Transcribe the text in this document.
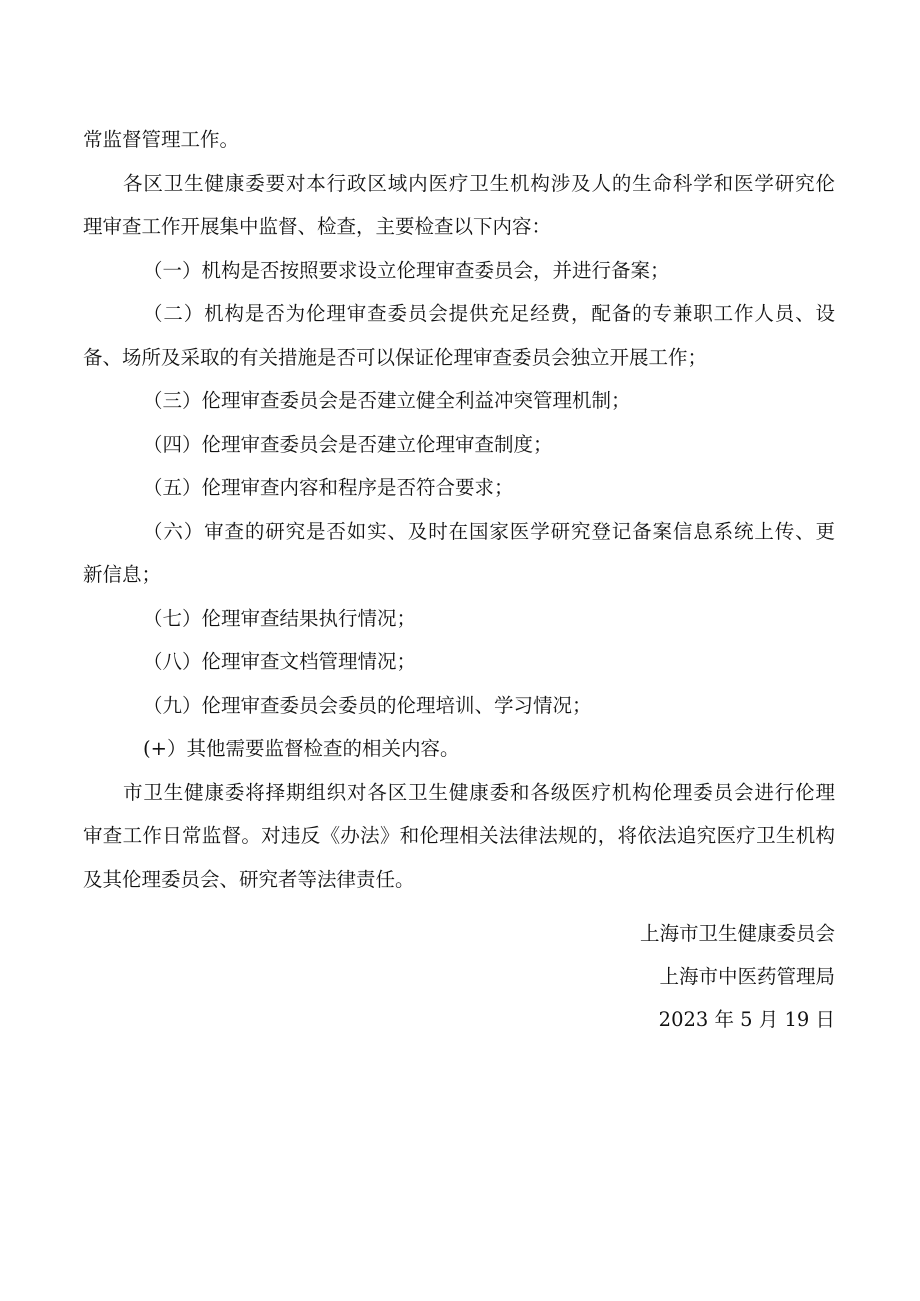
常监督管理工作。

各区卫生健康委要对本行政区域内医疗卫生机构涉及人的生命科学和医学研究伦

理审查工作开展集中监督、检查，主要检查以下内容：

（一）机构是否按照要求设立伦理审查委员会，并进行备案；

（二）机构是否为伦理审查委员会提供充足经费，配备的专兼职工作人员、设

备、场所及采取的有关措施是否可以保证伦理审查委员会独立开展工作；

（三）伦理审查委员会是否建立健全利益冲突管理机制；

（四）伦理审查委员会是否建立伦理审查制度；

（五）伦理审查内容和程序是否符合要求；

（六）审查的研究是否如实、及时在国家医学研究登记备案信息系统上传、更

新信息；

（七）伦理审查结果执行情况；

（八）伦理审查文档管理情况；

（九）伦理审查委员会委员的伦理培训、学习情况；

(+）其他需要监督检查的相关内容。

市卫生健康委将择期组织对各区卫生健康委和各级医疗机构伦理委员会进行伦理

审查工作日常监督。对违反《办法》和伦理相关法律法规的，将依法追究医疗卫生机构

及其伦理委员会、研究者等法律责任。

上海市卫生健康委员会
上海市中医药管理局
2023 年 5 月 19 日
